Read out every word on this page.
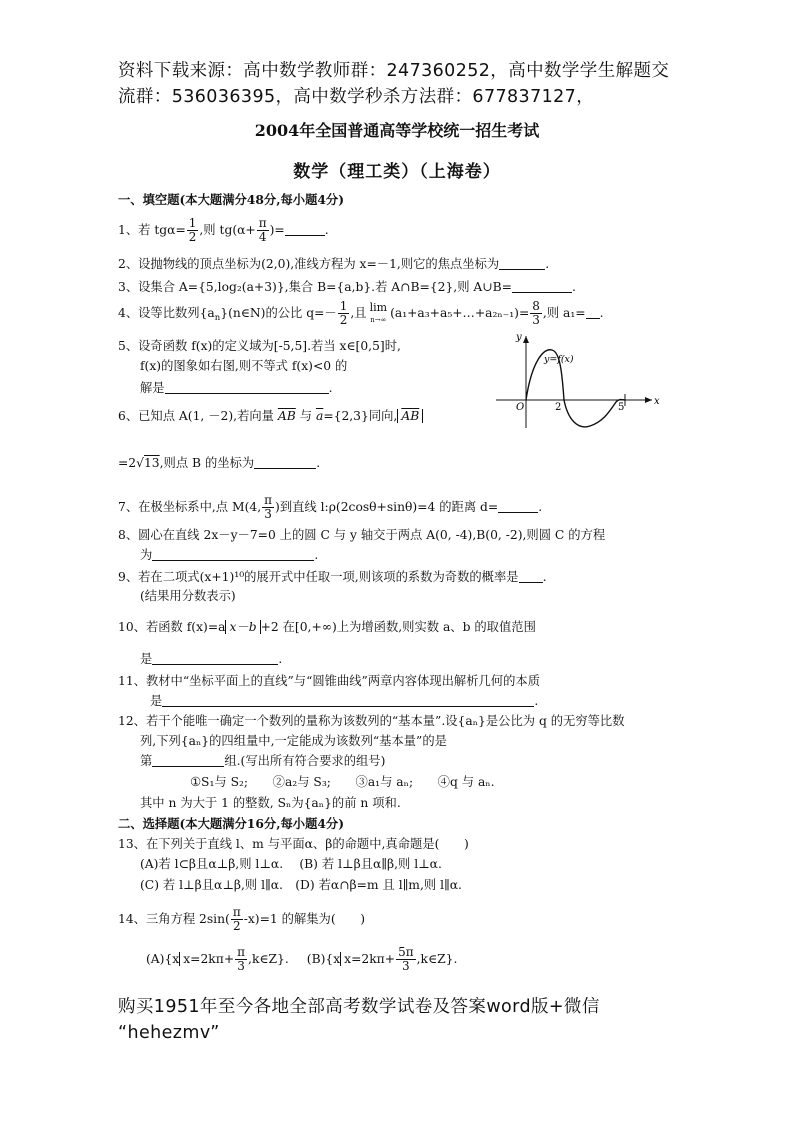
资料下载来源：高中数学教师群：247360252，高中数学学生解题交
流群：536036395，高中数学秒杀方法群：677837127，
2004年全国普通高等学校统一招生考试
数学（理工类）（上海卷）
一、填空题(本大题满分48分,每小题4分)
1、若 $tg\alpha= \frac{1}{2}$ ,则 $tg(\alpha+ \frac{\pi}{4}$ )=	.
2、设抛物线的顶点坐标为(2,0),准线方程为 x=－1,则它的焦点坐标为	.
3、设集合 A={5,log₂(a+3)},集合 B={a,b}.若 A∩B={2},则 A∪B=	.
4、设等比数列$\{a_n\}(n\in N)$的公比 $q=- \frac{1}{2}$ ,且 lim
n→∞ (a₁+a₃+a₅+…+a₂ₙ₋₁)= $\frac{8}{3}$ ,则 a₁= .
5、设奇函数 f(x)的定义域为[-5,5].若当 x∈[0,5]时,
f(x)的图象如右图,则不等式 f(x)<0 的
解是	.
y
x
O
y=f(x)
2	5
6、已知点 A(1, －2),若向量 $\overline{AB}$ 与 $\overline{a}=\{2,3\}$同向, $\overline{AB}$
=2√13,则点 B 的坐标为	.
7、在极坐标系中,点 M(4, $\frac{\pi}{3}$ )到直线 l:ρ(2cosθ+sinθ)=4 的距离 d=	.
8、圆心在直线 2x－y－7=0 上的圆 C 与 y 轴交于两点 A(0, -4),B(0, -2),则圆 C 的方程
为	.
9、若在二项式(x+1)¹⁰的展开式中任取一项,则该项的系数为奇数的概率是 .
(结果用分数表示)
10、若函数 f(x)=a x－b +2 在[0,+∞)上为增函数,则实数 a、b 的取值范围
是	.
11、教材中“坐标平面上的直线”与“圆锥曲线”两章内容体现出解析几何的本质
是	.
12、若干个能唯一确定一个数列的量称为该数列的“基本量”.设{aₙ}是公比为 q 的无穷等比数
列,下列{aₙ}的四组量中,一定能成为该数列“基本量”的是
第	组.(写出所有符合要求的组号)
①S₁与 S₂;　　②a₂与 S₃;　　③a₁与 aₙ;　　④q 与 aₙ.
其中 n 为大于 1 的整数, Sₙ为{aₙ}的前 n 项和.
二、选择题(本大题满分16分,每小题4分)
13、在下列关于直线 l、m 与平面α、β的命题中,真命题是(　　)
(A)若 l⊂β且α⊥β,则 l⊥α.　 (B) 若 l⊥β且α∥β,则 l⊥α.
(C) 若 l⊥β且α⊥β,则 l∥α.　(D) 若α∩β=m 且 l∥m,则 l∥α.
14、三角方程 $2\sin( \frac{\pi}{2} -x)=1$ 的解集为(　　)
(A){x $x=2k\pi+ \frac{\pi}{3}$ ,k∈Z}. (B){x $x=2k\pi+ \frac{5\pi}{3}$ ,k∈Z}.
购买1951年至今各地全部高考数学试卷及答案word版+微信
“hehezmv”
